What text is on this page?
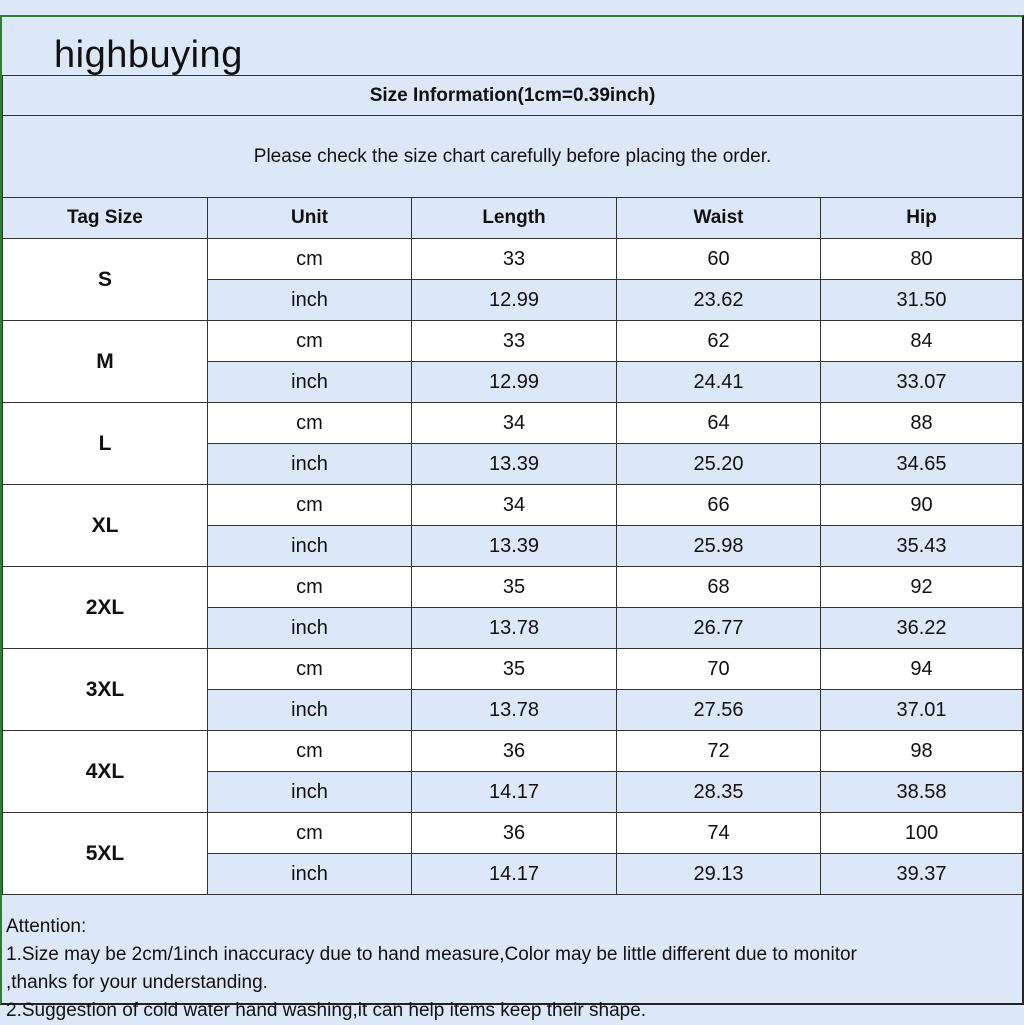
highbuying
Size Information(1cm=0.39inch)				
Please check the size chart carefully before placing the order.				
Tag Size	Unit	Length	Waist	Hip
S	cm	33	60	80
	inch	12.99	23.62	31.50
M	cm	33	62	84
	inch	12.99	24.41	33.07
L	cm	34	64	88
	inch	13.39	25.20	34.65
XL	cm	34	66	90
	inch	13.39	25.98	35.43
2XL	cm	35	68	92
	inch	13.78	26.77	36.22
3XL	cm	35	70	94
	inch	13.78	27.56	37.01
4XL	cm	36	72	98
	inch	14.17	28.35	38.58
5XL	cm	36	74	100
	inch	14.17	29.13	39.37
Attention:
1.Size may be 2cm/1inch inaccuracy due to hand measure,Color may be little different due to monitor
,thanks for your understanding.
2.Suggestion of cold water hand washing,it can help items keep their shape.
